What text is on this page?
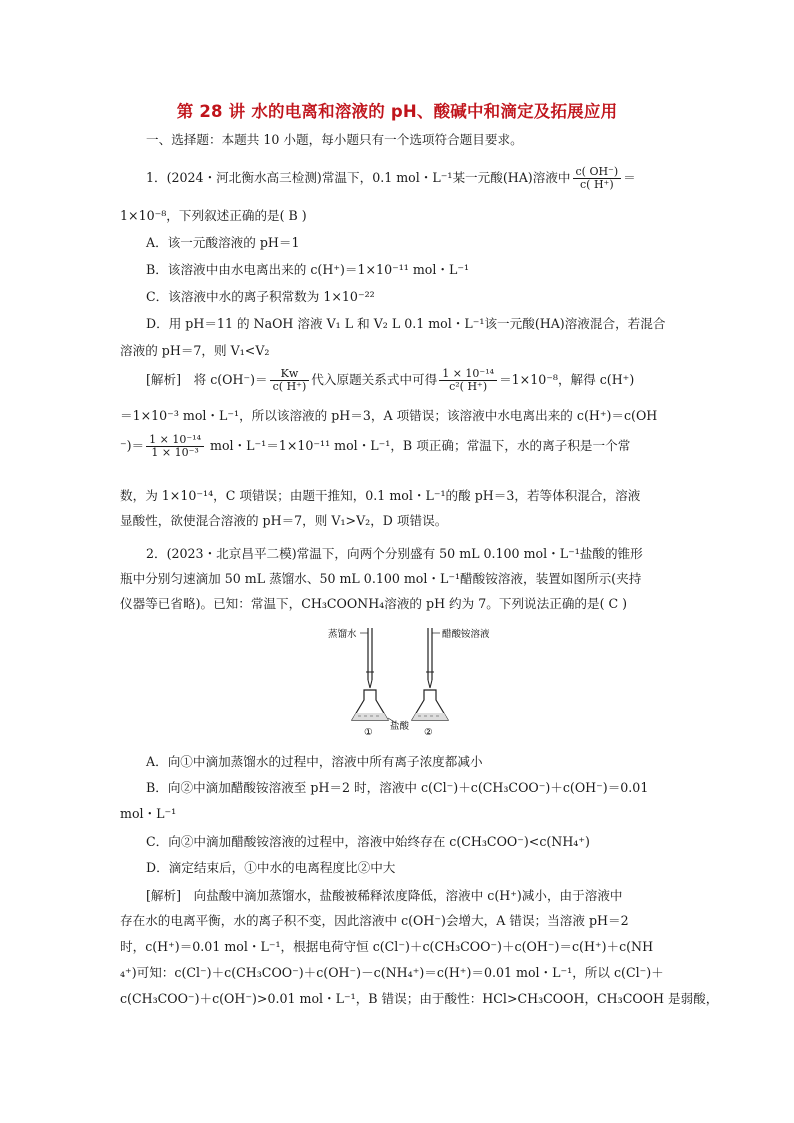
第 28 讲 水的电离和溶液的 pH、酸碱中和滴定及拓展应用
一、选择题：本题共 10 小题，每小题只有一个选项符合题目要求。
1．(2024・河北衡水高三检测)常温下，0.1 mol・L⁻¹某一元酸(HA)溶液中 $\frac{c( OH^-)}{c( H^+)}$ ＝
1×10⁻⁸，下列叙述正确的是( B )
A．该一元酸溶液的 pH＝1
B．该溶液中由水电离出来的 c(H⁺)＝1×10⁻¹¹ mol・L⁻¹
C．该溶液中水的离子积常数为 1×10⁻²²
D．用 pH＝11 的 NaOH 溶液 V₁ L 和 V₂ L 0.1 mol・L⁻¹该一元酸(HA)溶液混合，若混合
溶液的 pH＝7，则 V₁<V₂
[解析]　将 $c(OH^-)= \frac{Kw}{c( H^+)}$ 代入原题关系式中可得 $\frac{\text{1 × 10⁻¹⁴}}{\text{c²( H⁺)}} =1\times 10^{-8}$，解得 c(H⁺)
＝1×10⁻³ mol・L⁻¹，所以该溶液的 pH＝3，A 项错误；该溶液中水电离出来的 c(H⁺)＝c(OH
⁻)＝ $\frac{\text{1 × 10⁻¹⁴}}{\text{1 × 10⁻³}}$ mol・L⁻¹＝1×10⁻¹¹ mol・L⁻¹，B 项正确；常温下，水的离子积是一个常
数，为 1×10⁻¹⁴，C 项错误；由题干推知，0.1 mol・L⁻¹的酸 pH＝3，若等体积混合，溶液
显酸性，欲使混合溶液的 pH＝7，则 V₁>V₂，D 项错误。
2．(2023・北京昌平二模)常温下，向两个分别盛有 50 mL 0.100 mol・L⁻¹盐酸的锥形
瓶中分别匀速滴加 50 mL 蒸馏水、50 mL 0.100 mol・L⁻¹醋酸铵溶液，装置如图所示(夹持
仪器等已省略)。已知：常温下，CH₃COONH₄溶液的 pH 约为 7。下列说法正确的是( C )
蒸馏水	醋酸铵溶液
盐酸
①	②
A．向①中滴加蒸馏水的过程中，溶液中所有离子浓度都减小
B．向②中滴加醋酸铵溶液至 pH＝2 时，溶液中 c(Cl⁻)＋c(CH₃COO⁻)＋c(OH⁻)＝0.01
mol・L⁻¹
C．向②中滴加醋酸铵溶液的过程中，溶液中始终存在 c(CH₃COO⁻)<c(NH₄⁺)
D．滴定结束后，①中水的电离程度比②中大
[解析]　向盐酸中滴加蒸馏水，盐酸被稀释浓度降低，溶液中 c(H⁺)减小，由于溶液中
存在水的电离平衡，水的离子积不变，因此溶液中 c(OH⁻)会增大，A 错误；当溶液 pH＝2
时，c(H⁺)＝0.01 mol・L⁻¹，根据电荷守恒 c(Cl⁻)＋c(CH₃COO⁻)＋c(OH⁻)＝c(H⁺)＋c(NH
₄⁺)可知：c(Cl⁻)＋c(CH₃COO⁻)＋c(OH⁻)－c(NH₄⁺)＝c(H⁺)＝0.01 mol・L⁻¹，所以 c(Cl⁻)＋
c(CH₃COO⁻)＋c(OH⁻)>0.01 mol・L⁻¹，B 错误；由于酸性：HCl>CH₃COOH，CH₃COOH 是弱酸，
